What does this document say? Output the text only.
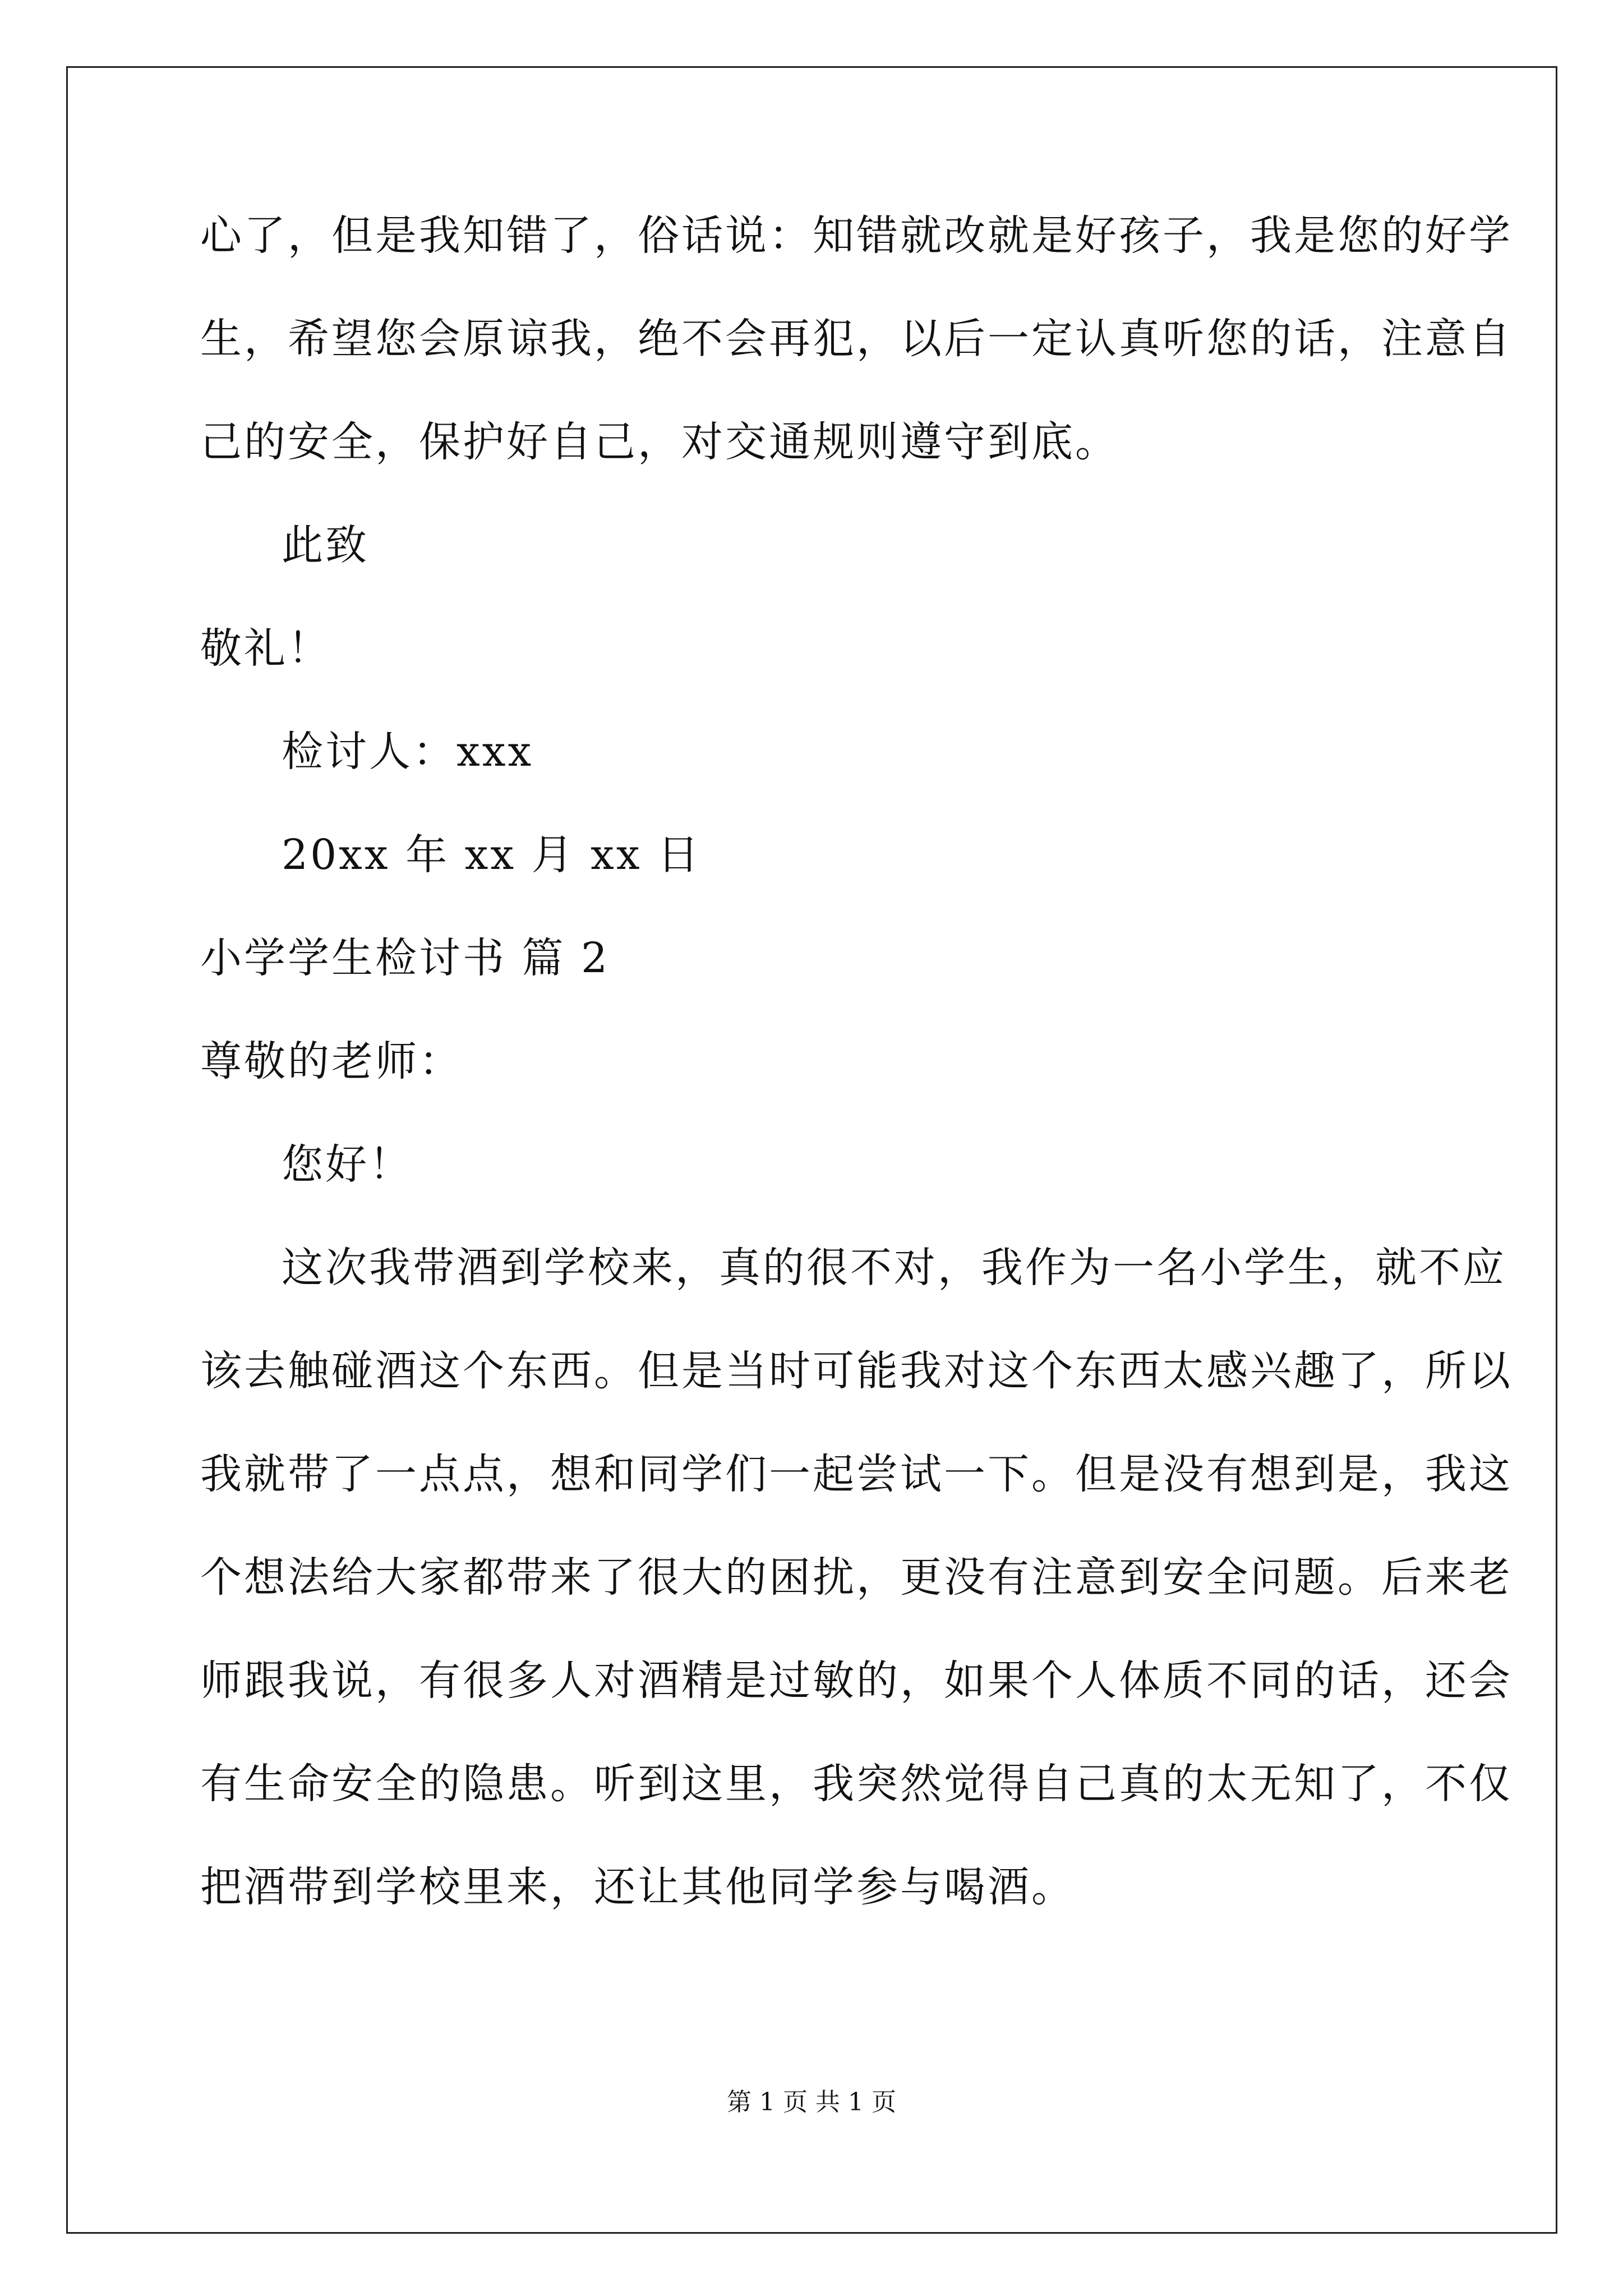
心了，但是我知错了，俗话说：知错就改就是好孩子，我是您的好学
生，希望您会原谅我，绝不会再犯，以后一定认真听您的话，注意自
己的安全，保护好自己，对交通规则遵守到底。
此致
敬礼！
检讨人：xxx
20xx 年 xx 月 xx 日
小学学生检讨书 篇 2
尊敬的老师：
您好！
这次我带酒到学校来，真的很不对，我作为一名小学生，就不应
该去触碰酒这个东西。但是当时可能我对这个东西太感兴趣了，所以
我就带了一点点，想和同学们一起尝试一下。但是没有想到是，我这
个想法给大家都带来了很大的困扰，更没有注意到安全问题。后来老
师跟我说，有很多人对酒精是过敏的，如果个人体质不同的话，还会
有生命安全的隐患。听到这里，我突然觉得自己真的太无知了，不仅
把酒带到学校里来，还让其他同学参与喝酒。
第 1 页 共 1 页
